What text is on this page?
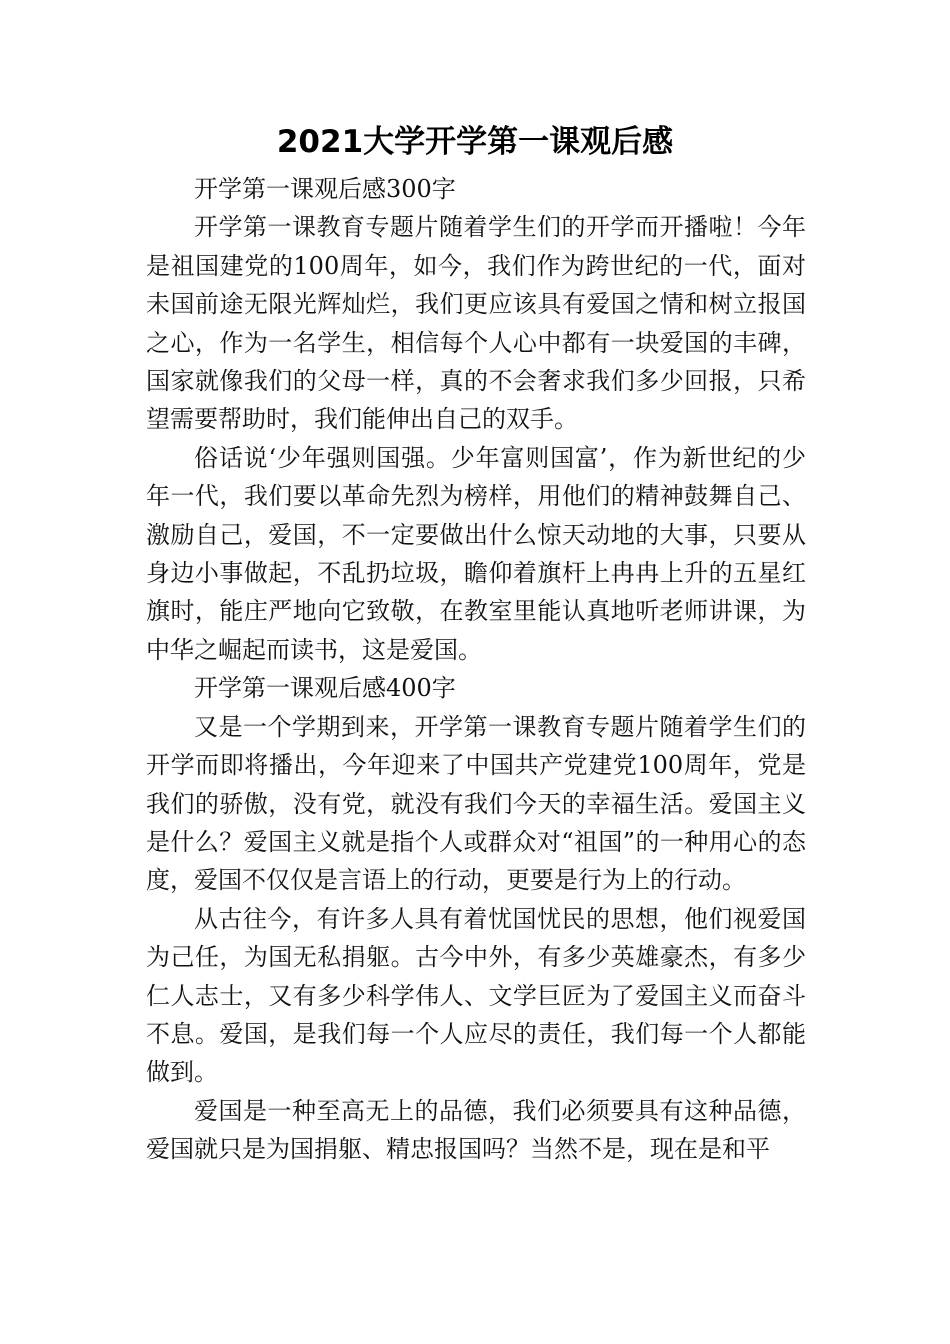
2021大学开学第一课观后感

开学第一课观后感300字

开学第一课教育专题片随着学生们的开学而开播啦！今年是祖国建党的100周年，如今，我们作为跨世纪的一代，面对未国前途无限光辉灿烂，我们更应该具有爱国之情和树立报国之心，作为一名学生，相信每个人心中都有一块爱国的丰碑，国家就像我们的父母一样，真的不会奢求我们多少回报，只希望需要帮助时，我们能伸出自己的双手。

俗话说‘少年强则国强。少年富则国富’，作为新世纪的少年一代，我们要以革命先烈为榜样，用他们的精神鼓舞自己、激励自己，爱国，不一定要做出什么惊天动地的大事，只要从身边小事做起，不乱扔垃圾，瞻仰着旗杆上冉冉上升的五星红旗时，能庄严地向它致敬，在教室里能认真地听老师讲课，为中华之崛起而读书，这是爱国。

开学第一课观后感400字

又是一个学期到来，开学第一课教育专题片随着学生们的开学而即将播出，今年迎来了中国共产党建党100周年，党是我们的骄傲，没有党，就没有我们今天的幸福生活。爱国主义是什么？爱国主义就是指个人或群众对“祖国”的一种用心的态度，爱国不仅仅是言语上的行动，更要是行为上的行动。

从古往今，有许多人具有着忧国忧民的思想，他们视爱国为己任，为国无私捐躯。古今中外，有多少英雄豪杰，有多少仁人志士，又有多少科学伟人、文学巨匠为了爱国主义而奋斗不息。爱国，是我们每一个人应尽的责任，我们每一个人都能做到。

爱国是一种至高无上的品德，我们必须要具有这种品德，爱国就只是为国捐躯、精忠报国吗？当然不是，现在是和平
